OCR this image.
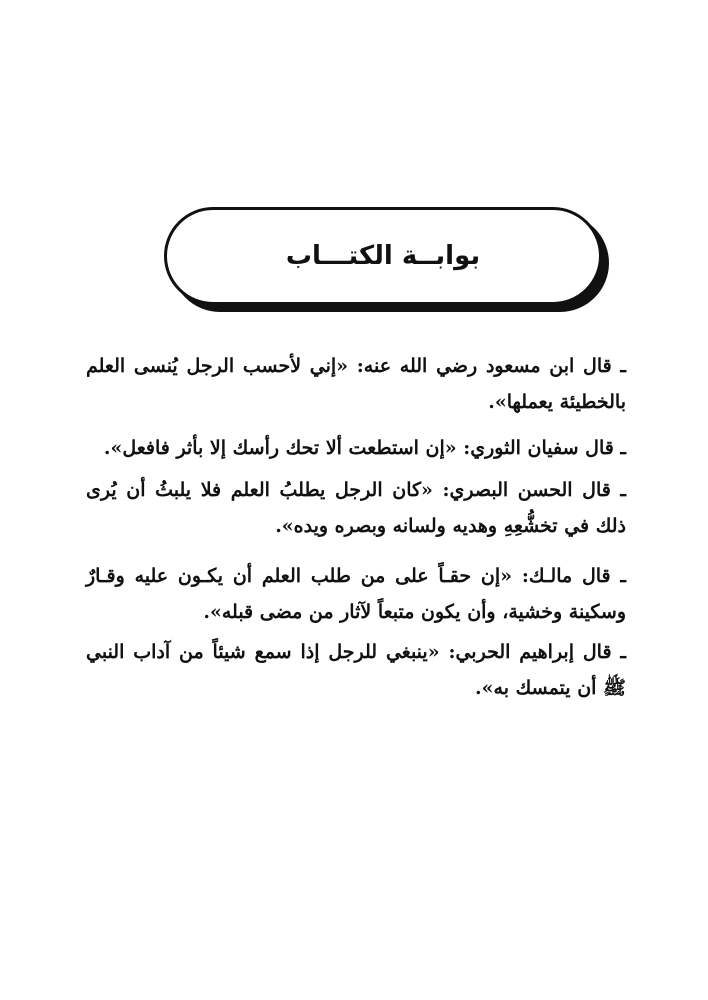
بوابــة الكتـــاب

ـ قال ابن مسعود رضي الله عنه: «إني لأحسب الرجل يُنسى العلم بالخطيئة يعملها».

ـ قال سفيان الثوري: «إن استطعت ألا تحك رأسك إلا بأثر فافعل».

ـ قال الحسن البصري: «كان الرجل يطلبُ العلم فلا يلبثُ أن يُرى ذلك في تخشُّعِهِ وهديه ولسانه وبصره ويده».

ـ قال مالـك: «إن حقـاً على من طلب العلم أن يكـون عليه وقـارٌ وسكينة وخشية، وأن يكون متبعاً لآثار من مضى قبله».

ـ قال إبراهيم الحربي: «ينبغي للرجل إذا سمع شيئاً من آداب النبي ﷺ أن يتمسك به».
